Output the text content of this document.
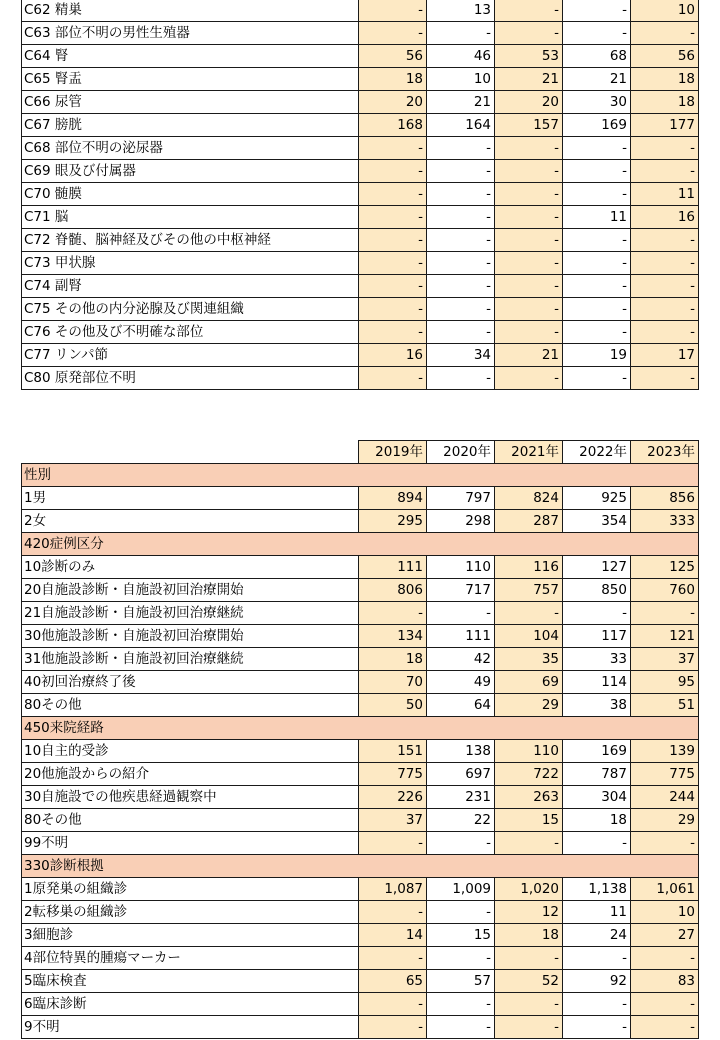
C62 精巣	-	13	-	-	10
C63 部位不明の男性生殖器	-	-	-	-	-
C64 腎	56	46	53	68	56
C65 腎盂	18	10	21	21	18
C66 尿管	20	21	20	30	18
C67 膀胱	168	164	157	169	177
C68 部位不明の泌尿器	-	-	-	-	-
C69 眼及び付属器	-	-	-	-	-
C70 髄膜	-	-	-	-	11
C71 脳	-	-	-	11	16
C72 脊髄、脳神経及びその他の中枢神経	-	-	-	-	-
C73 甲状腺	-	-	-	-	-
C74 副腎	-	-	-	-	-
C75 その他の内分泌腺及び関連組織	-	-	-	-	-
C76 その他及び不明確な部位	-	-	-	-	-
C77 リンパ節	16	34	21	19	17
C80 原発部位不明	-	-	-	-	-
	2019年	2020年	2021年	2022年	2023年
性別					
1男	894	797	824	925	856
2女	295	298	287	354	333
420症例区分					
10診断のみ	111	110	116	127	125
20自施設診断・自施設初回治療開始	806	717	757	850	760
21自施設診断・自施設初回治療継続	-	-	-	-	-
30他施設診断・自施設初回治療開始	134	111	104	117	121
31他施設診断・自施設初回治療継続	18	42	35	33	37
40初回治療終了後	70	49	69	114	95
80その他	50	64	29	38	51
450来院経路					
10自主的受診	151	138	110	169	139
20他施設からの紹介	775	697	722	787	775
30自施設での他疾患経過観察中	226	231	263	304	244
80その他	37	22	15	18	29
99不明	-	-	-	-	-
330診断根拠					
1原発巣の組織診	1,087	1,009	1,020	1,138	1,061
2転移巣の組織診	-	-	12	11	10
3細胞診	14	15	18	24	27
4部位特異的腫瘍マーカー	-	-	-	-	-
5臨床検査	65	57	52	92	83
6臨床診断	-	-	-	-	-
9不明	-	-	-	-	-
